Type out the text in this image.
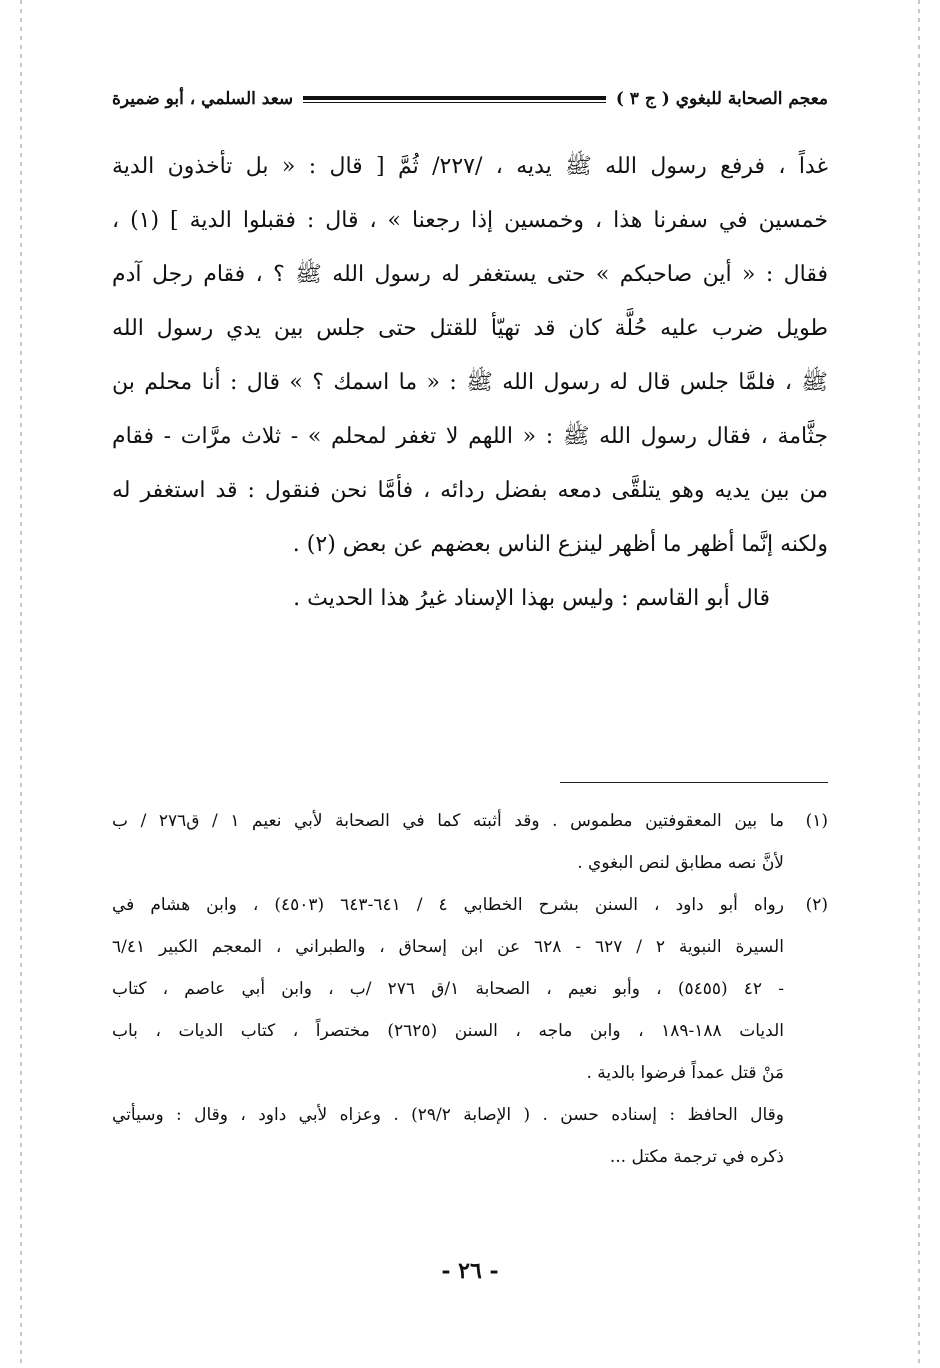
معجم الصحابة للبغوي ( ج ٣ )
سعد السلمي ، أبو ضميرة
غداً ، فرفع رسول الله ﷺ يديه ، /٢٢٧/ ثُمَّ [ قال : « بل تأخذون الدية
خمسين في سفرنا هذا ، وخمسين إذا رجعنا » ، قال : فقبلوا الدية ] (١) ،
فقال : « أين صاحبكم » حتى يستغفر له رسول الله ﷺ ؟ ، فقام رجل آدم
طويل ضرب عليه حُلَّة كان قد تهيّأ للقتل حتى جلس بين يدي رسول الله
ﷺ ، فلمَّا جلس قال له رسول الله ﷺ : « ما اسمك ؟ » قال : أنا محلم بن
جثَّامة ، فقال رسول الله ﷺ : « اللهم لا تغفر لمحلم » - ثلاث مرَّات - فقام
من بين يديه وهو يتلقَّى دمعه بفضل ردائه ، فأمَّا نحن فنقول : قد استغفر له
ولكنه إنَّما أظهر ما أظهر لينزع الناس بعضهم عن بعض (٢) .
قال أبو القاسم : وليس بهذا الإسناد غيرُ هذا الحديث .
(١)
ما بين المعقوفتين مطموس . وقد أثبته كما في الصحابة لأبي نعيم ١ / ق٢٧٦ / ب
لأنَّ نصه مطابق لنص البغوي .
(٢)
رواه أبو داود ، السنن بشرح الخطابي ٤ / ٦٤١-٦٤٣ (٤٥٠٣) ، وابن هشام في
السيرة النبوية ٢ / ٦٢٧ - ٦٢٨ عن ابن إسحاق ، والطبراني ، المعجم الكبير ٦/٤١
- ٤٢ (٥٤٥٥) ، وأبو نعيم ، الصحابة ١/ق ٢٧٦ /ب ، وابن أبي عاصم ، كتاب
الديات ١٨٨-١٨٩ ، وابن ماجه ، السنن (٢٦٢٥) مختصراً ، كتاب الديات ، باب
مَنْ قتل عمداً فرضوا بالدية .
وقال الحافظ : إسناده حسن . ( الإصابة ٢٩/٢) . وعزاه لأبي داود ، وقال : وسيأتي
ذكره في ترجمة مكتل ...
- ٢٦ -
